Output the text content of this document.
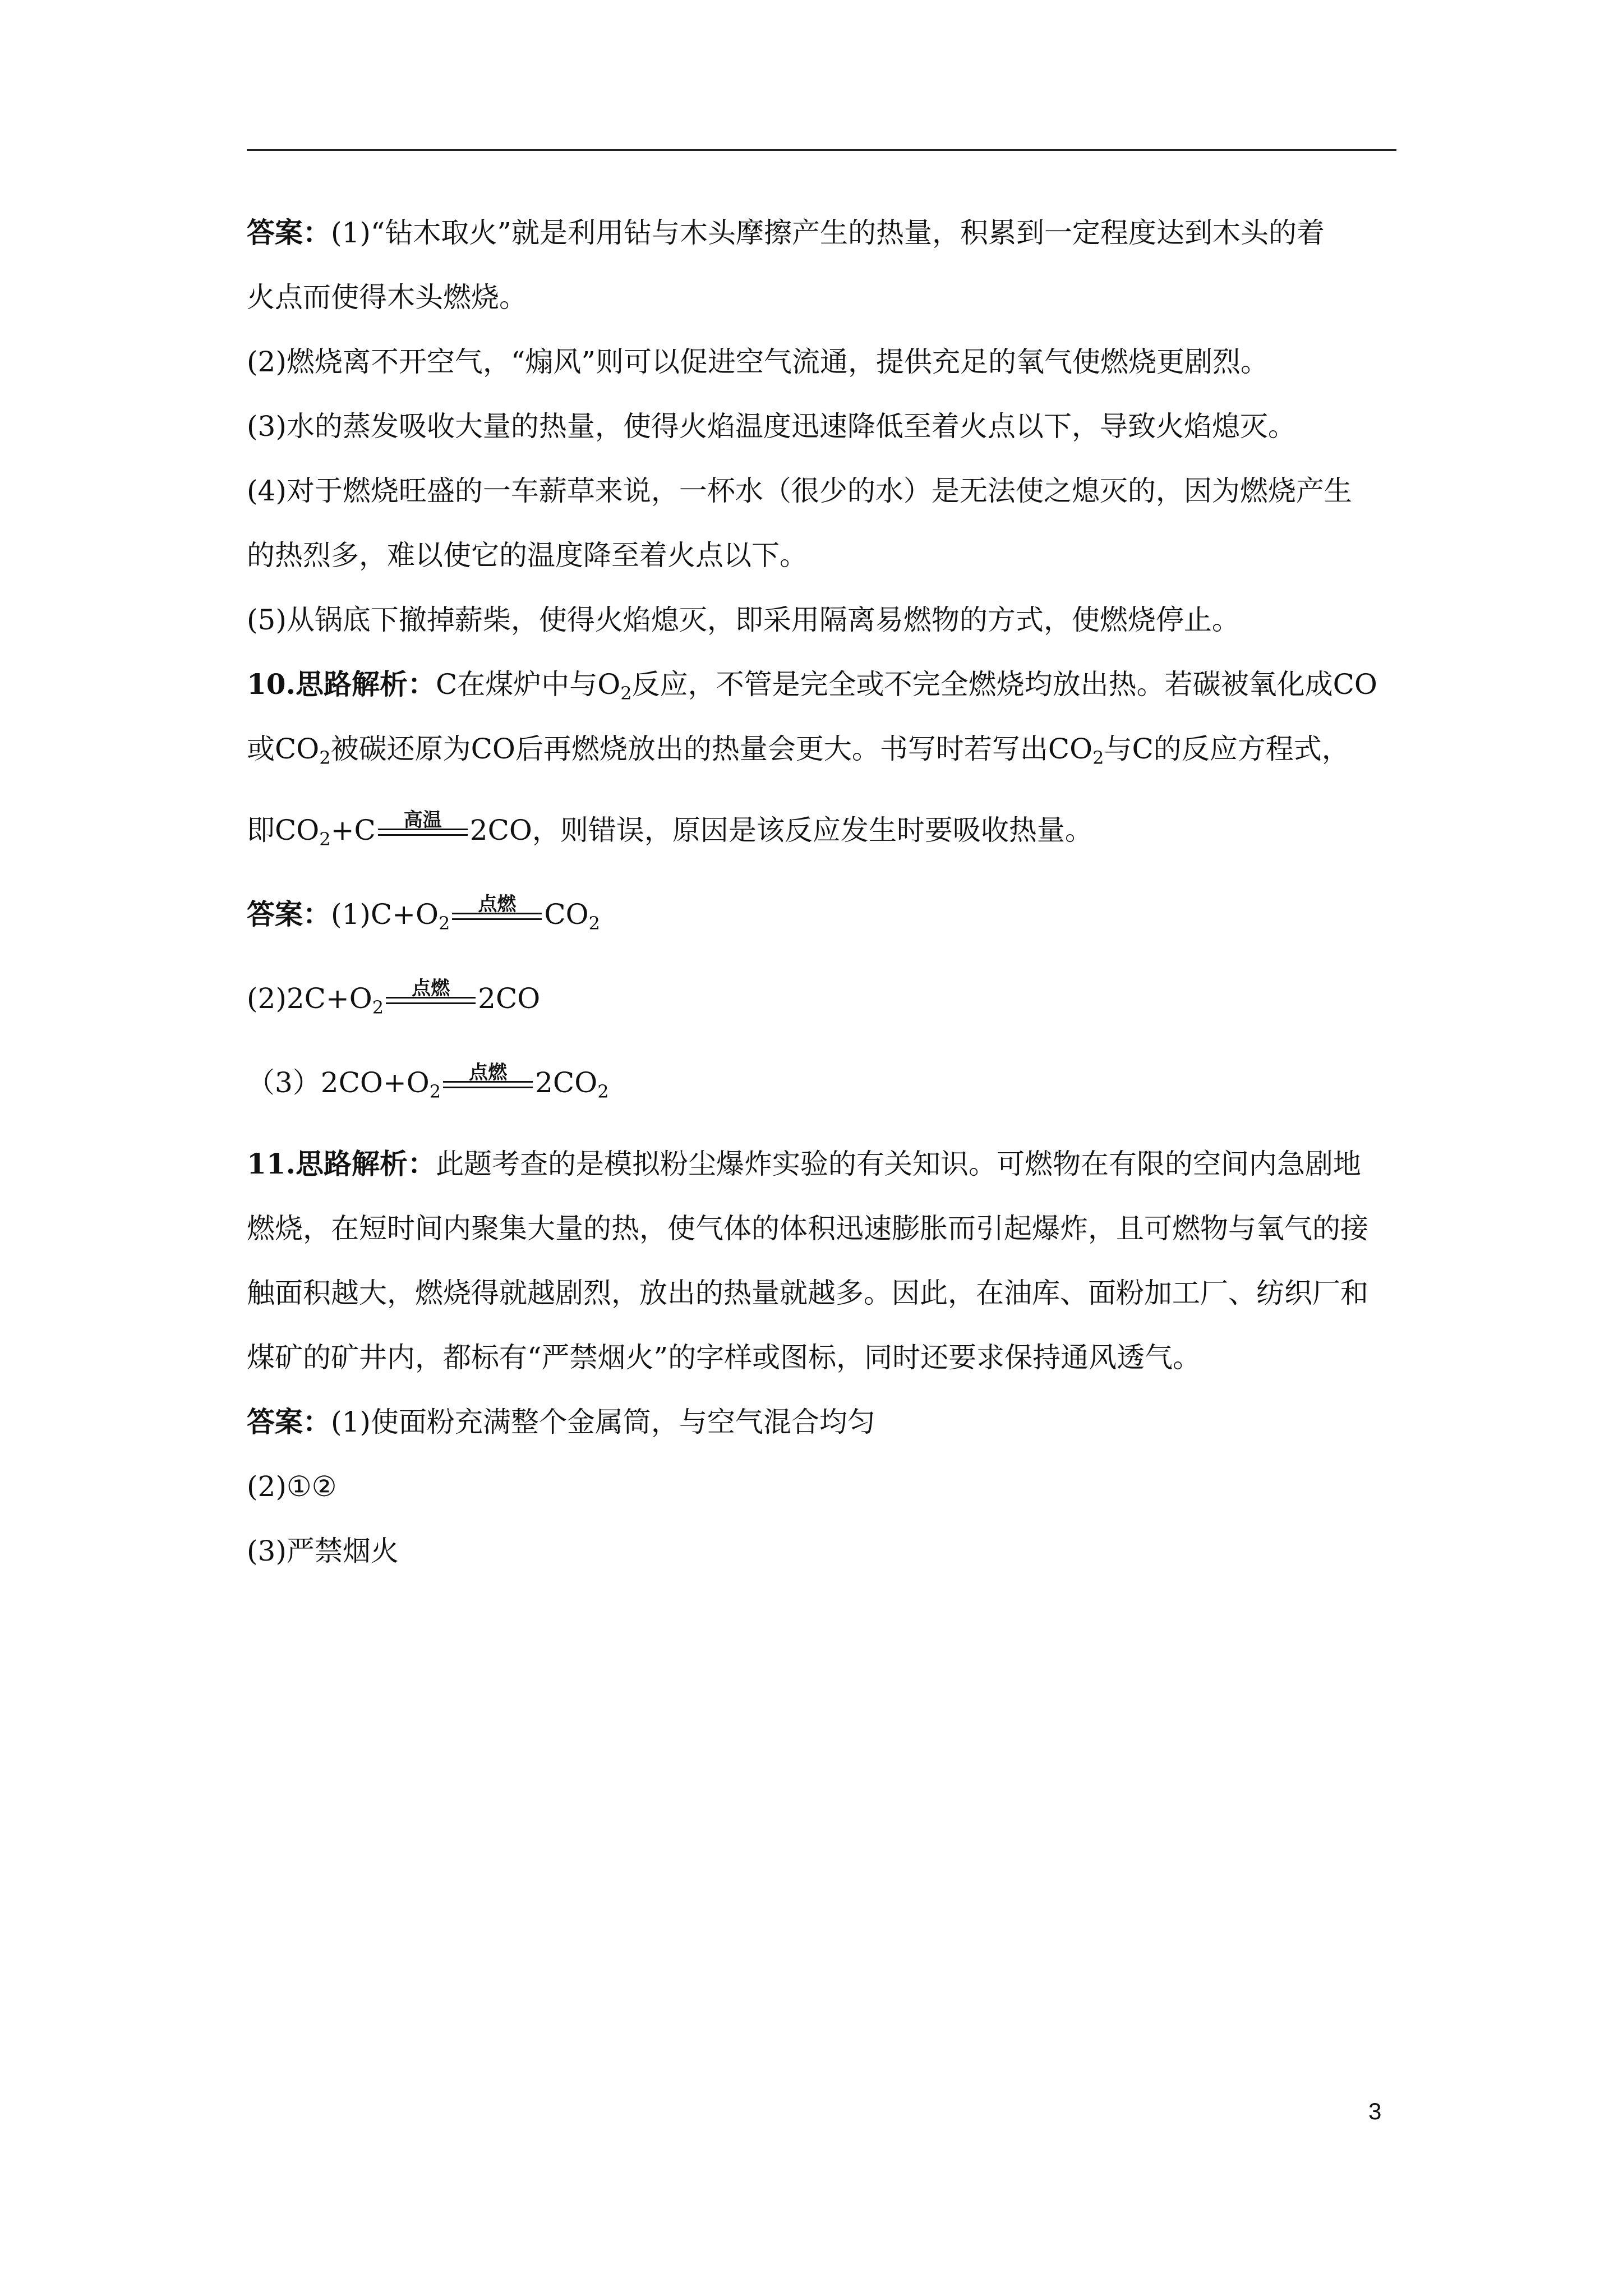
答案：(1)“钻木取火”就是利用钻与木头摩擦产生的热量，积累到一定程度达到木头的着
火点而使得木头燃烧。
(2)燃烧离不开空气，“煽风”则可以促进空气流通，提供充足的氧气使燃烧更剧烈。
(3)水的蒸发吸收大量的热量，使得火焰温度迅速降低至着火点以下，导致火焰熄灭。
(4)对于燃烧旺盛的一车薪草来说，一杯水（很少的水）是无法使之熄灭的，因为燃烧产生
的热烈多，难以使它的温度降至着火点以下。
(5)从锅底下撤掉薪柴，使得火焰熄灭，即采用隔离易燃物的方式，使燃烧停止。
10.思路解析：C在煤炉中与$O_2$反应，不管是完全或不完全燃烧均放出热。若碳被氧化成CO
或$CO_2$被碳还原为CO后再燃烧放出的热量会更大。书写时若写出$CO_2$与C的反应方程式，
即$CO_2+C$	高温	2CO，则错误，原因是该反应发生时要吸收热量。
答案：$(1)C+O_2$
点燃	$CO_2$
$(2)2C+O_2$
点燃	2CO
$(3)2CO+O_2$
点燃	$2CO_2$
11.思路解析：此题考查的是模拟粉尘爆炸实验的有关知识。可燃物在有限的空间内急剧地
燃烧，在短时间内聚集大量的热，使气体的体积迅速膨胀而引起爆炸，且可燃物与氧气的接
触面积越大，燃烧得就越剧烈，放出的热量就越多。因此，在油库、面粉加工厂、纺织厂和
煤矿的矿井内，都标有“严禁烟火”的字样或图标，同时还要求保持通风透气。
答案：(1)使面粉充满整个金属筒，与空气混合均匀
(2)①②
(3)严禁烟火
3
